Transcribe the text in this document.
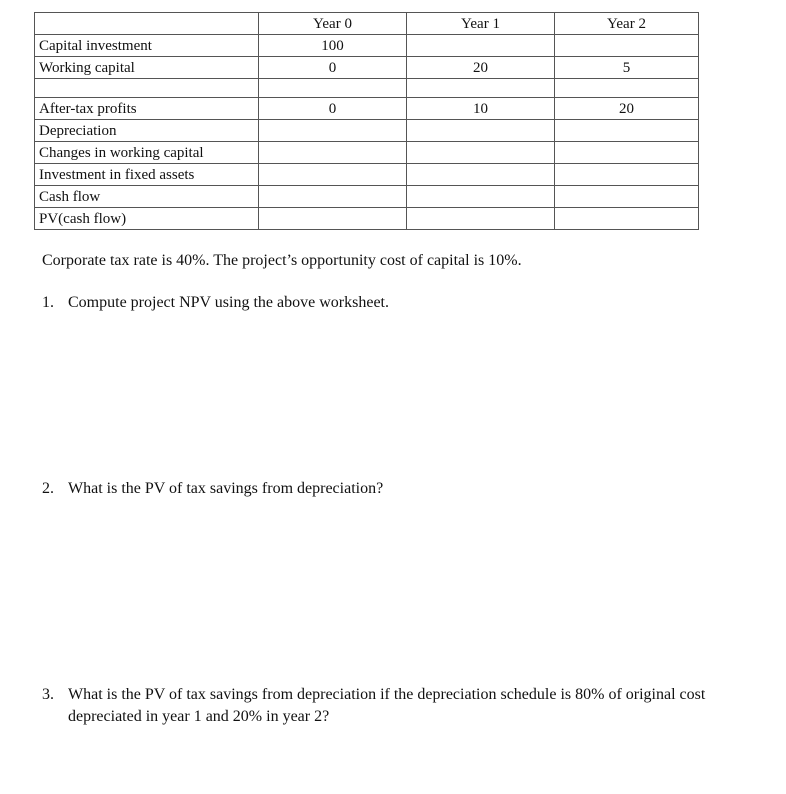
	Year 0	Year 1	Year 2
Capital investment	100		
Working capital	0	20	5

After-tax profits	0	10	20
Depreciation			
Changes in working capital			
Investment in fixed assets			
Cash flow			
PV(cash flow)			
Corporate tax rate is 40%. The project’s opportunity cost of capital is 10%.
1. Compute project NPV using the above worksheet.
2. What is the PV of tax savings from depreciation?
3. What is the PV of tax savings from depreciation if the depreciation schedule is 80% of original cost depreciated in year 1 and 20% in year 2?
